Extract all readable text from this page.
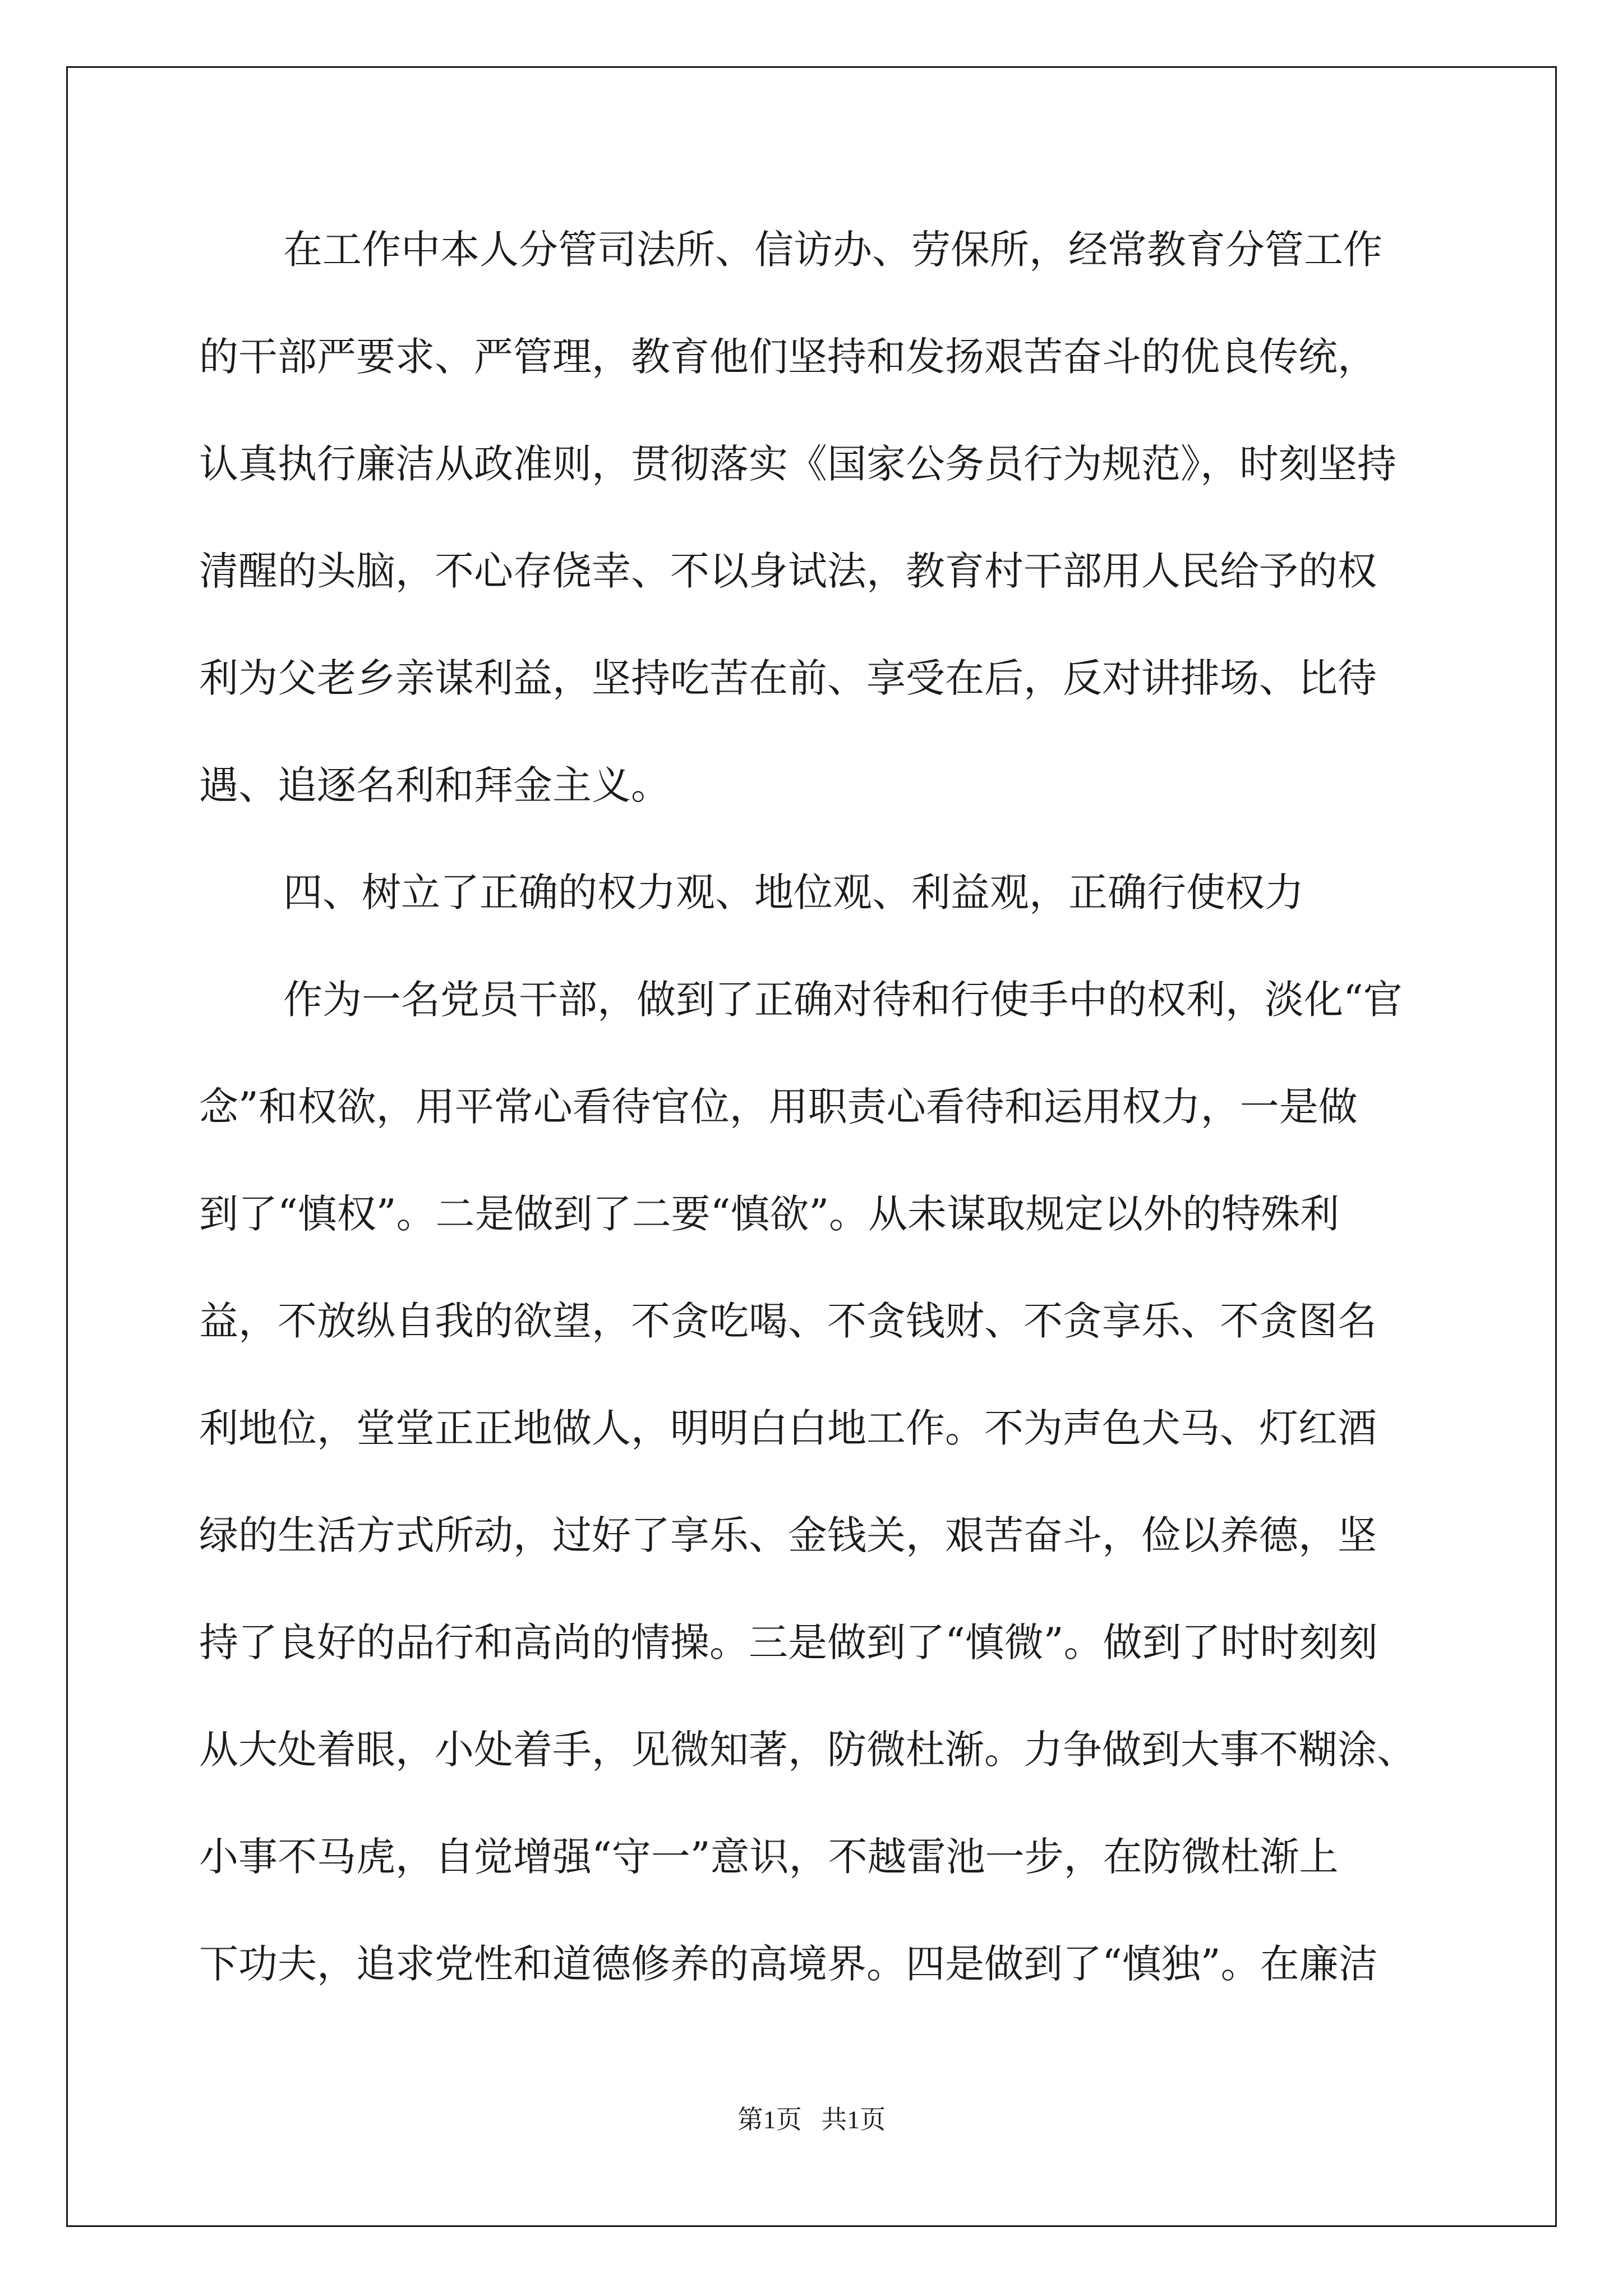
在工作中本人分管司法所、信访办、劳保所，经常教育分管工作
的干部严要求、严管理，教育他们坚持和发扬艰苦奋斗的优良传统，
认真执行廉洁从政准则，贯彻落实《国家公务员行为规范》，时刻坚持
清醒的头脑，不心存侥幸、不以身试法，教育村干部用人民给予的权
利为父老乡亲谋利益，坚持吃苦在前、享受在后，反对讲排场、比待
遇、追逐名利和拜金主义。
四、树立了正确的权力观、地位观、利益观，正确行使权力
作为一名党员干部，做到了正确对待和行使手中的权利，淡化“官
念”和权欲，用平常心看待官位，用职责心看待和运用权力，一是做
到了“慎权”。二是做到了二要“慎欲”。从未谋取规定以外的特殊利
益，不放纵自我的欲望，不贪吃喝、不贪钱财、不贪享乐、不贪图名
利地位，堂堂正正地做人，明明白白地工作。不为声色犬马、灯红酒
绿的生活方式所动，过好了享乐、金钱关，艰苦奋斗，俭以养德，坚
持了良好的品行和高尚的情操。三是做到了“慎微”。做到了时时刻刻
从大处着眼，小处着手，见微知著，防微杜渐。力争做到大事不糊涂、
小事不马虎，自觉增强“守一”意识，不越雷池一步，在防微杜渐上
下功夫，追求党性和道德修养的高境界。四是做到了“慎独”。在廉洁
第1页   共1页
